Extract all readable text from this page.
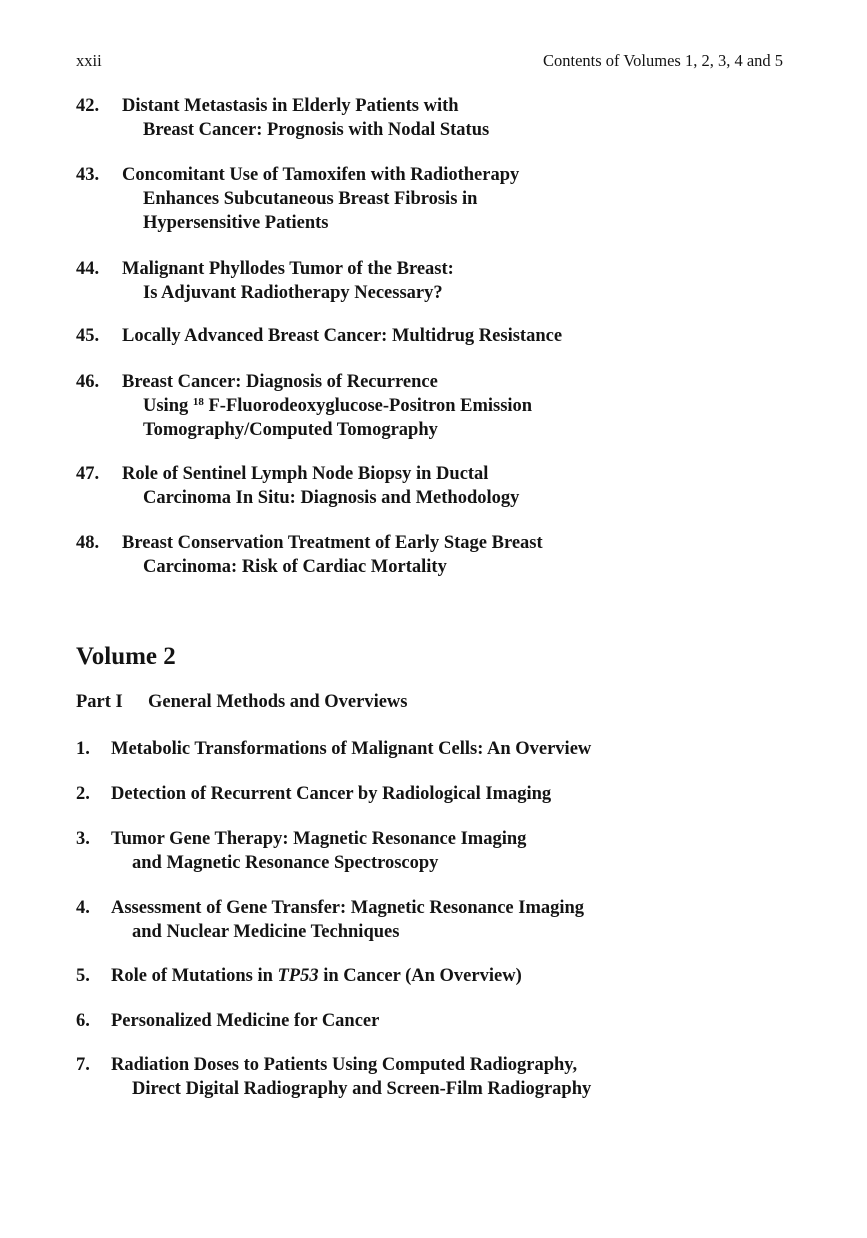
xxii	Contents of Volumes 1, 2, 3, 4 and 5
42.	Distant Metastasis in Elderly Patients with
Breast Cancer: Prognosis with Nodal Status
43.	Concomitant Use of Tamoxifen with Radiotherapy
Enhances Subcutaneous Breast Fibrosis in
Hypersensitive Patients
44.	Malignant Phyllodes Tumor of the Breast:
Is Adjuvant Radiotherapy Necessary?
45.	Locally Advanced Breast Cancer: Multidrug Resistance
46.	Breast Cancer: Diagnosis of Recurrence
Using $^{18}$ F-Fluorodeoxyglucose-Positron Emission
Tomography/Computed Tomography
47.	Role of Sentinel Lymph Node Biopsy in Ductal
Carcinoma In Situ: Diagnosis and Methodology
48.	Breast Conservation Treatment of Early Stage Breast
Carcinoma: Risk of Cardiac Mortality
Volume 2
Part I General Methods and Overviews
1.	Metabolic Transformations of Malignant Cells: An Overview
2.	Detection of Recurrent Cancer by Radiological Imaging
3.	Tumor Gene Therapy: Magnetic Resonance Imaging
and Magnetic Resonance Spectroscopy
4.	Assessment of Gene Transfer: Magnetic Resonance Imaging
and Nuclear Medicine Techniques
5.	Role of Mutations in TP53 in Cancer (An Overview)
6.	Personalized Medicine for Cancer
7.	Radiation Doses to Patients Using Computed Radiography,
Direct Digital Radiography and Screen-Film Radiography
